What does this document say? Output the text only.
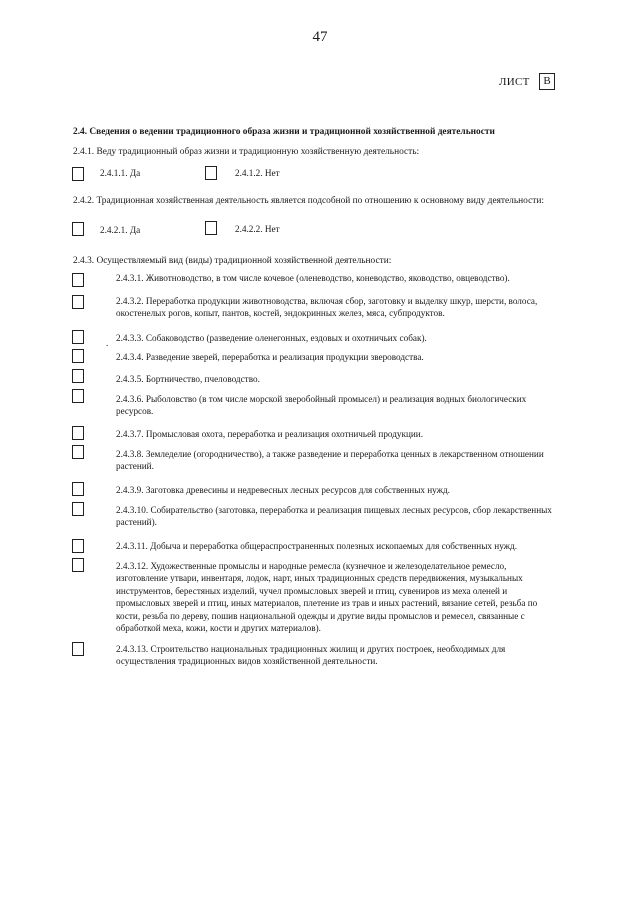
47
ЛИСТ	В
2.4. Сведения о ведении традиционного образа жизни и традиционной хозяйственной деятельности
2.4.1. Веду традиционный образ жизни и традиционную хозяйственную деятельность:
2.4.1.1. Да	2.4.1.2. Нет
2.4.2. Традиционная хозяйственная деятельность является подсобной по отношению к основному виду деятельности:
2.4.2.1. Да	2.4.2.2. Нет
2.4.3. Осуществляемый вид (виды) традиционной хозяйственной деятельности:
2.4.3.1. Животноводство, в том числе кочевое (оленеводство, коневодство, яководство, овцеводство).
2.4.3.2. Переработка продукции животноводства, включая сбор, заготовку и выделку шкур, шерсти, волоса, окостенелых рогов, копыт, пантов, костей, эндокринных желез, мяса, субпродуктов.
. 2.4.3.3. Собаководство (разведение оленегонных, ездовых и охотничьих собак).
2.4.3.4. Разведение зверей, переработка и реализация продукции звероводства.
2.4.3.5. Бортничество, пчеловодство.
2.4.3.6. Рыболовство (в том числе морской зверобойный промысел) и реализация водных биологических ресурсов.
2.4.3.7. Промысловая охота, переработка и реализация охотничьей продукции.
2.4.3.8. Земледелие (огородничество), а также разведение и переработка ценных в лекарственном отношении растений.
2.4.3.9. Заготовка древесины и недревесных лесных ресурсов для собственных нужд.
2.4.3.10. Собирательство (заготовка, переработка и реализация пищевых лесных ресурсов, сбор лекарственных растений).
2.4.3.11. Добыча и переработка общераспространенных полезных ископаемых для собственных нужд.
2.4.3.12. Художественные промыслы и народные ремесла (кузнечное и железоделательное ремесло, изготовление утвари, инвентаря, лодок, нарт, иных традиционных средств передвижения, музыкальных инструментов, берестяных изделий, чучел промысловых зверей и птиц, сувениров из меха оленей и промысловых зверей и птиц, иных материалов, плетение из трав и иных растений, вязание сетей, резьба по кости, резьба по дереву, пошив национальной одежды и другие виды промыслов и ремесел, связанные с обработкой меха, кожи, кости и других материалов).
2.4.3.13. Строительство национальных традиционных жилищ и других построек, необходимых для осуществления традиционных видов хозяйственной деятельности.
